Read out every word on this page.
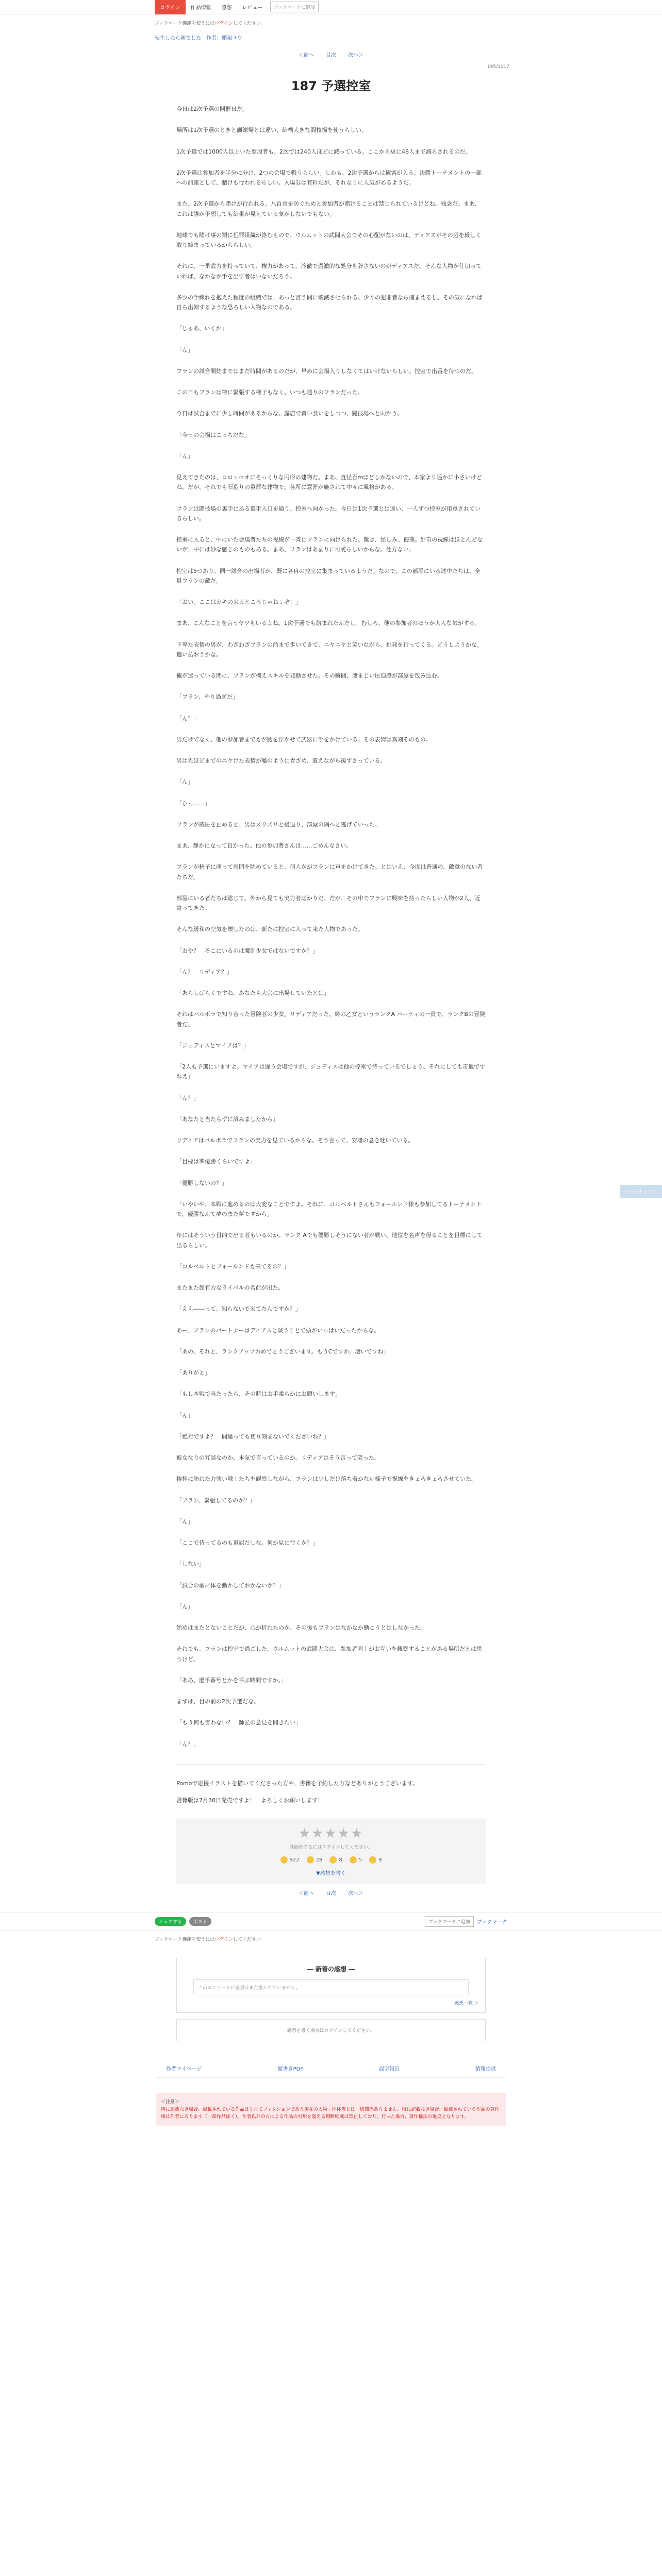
ログイン	作品情報	感想	レビュー	ブックマークに追加
ブックマーク機能を使うにはログインしてください。
転生したら剣でした　作者：棚架ユウ
＜前へ 目次 次へ＞
195/1117
187 予選控室

今日は2次予選の開催日だ。

場所は1次予選のときと訓練場とは違い、結構大きな闘技場を使うらしい。

1次予選では1000人以上いた参加者も、2次では240人ほどに減っている。ここから更に48人まで減らされるのだ。

2次予選は参加者を半分に分け、2つの会場で戦うらしい。しかも、2次予選からは観客が入る。決勝トーナメントの一部への前座として、賭けも行われるらしい。入場券は有料だが、それなりに人気があるようだ。

また、2次予選から賭けが行われる。八百長を防ぐためと参加者が賭けることは禁じられているけどね。残念だ。まあ、これは誰が予想しても結果が見えている気がしないでもない。

地球でも賭け事の類に犯罪組織が絡むもので、ウルムットの武闘大会でその心配がないのは、ディアスがその辺を厳しく取り締まっているかららしい。

それに、一番武力を持っていて、権力があって、冷徹で過激的な処分も辞さないのがディアスだ。そんな人物が仕切っていれば、なかなか手を出す者はいないだろう。

多少の手練れを抱えた程度の組織では、あっと言う間に壊滅させられる。少々の犯罪者なら捕まえるし、その気になれば自ら出陣するような恐ろしい人物なのである。

「じゃあ、いくか」

「ん」

フランの試合開始まではまだ時間があるのだが、早めに会場入りしなくてはいけないらしい。控室で出番を待つのだ。

この日もフランは特に緊張する様子もなく、いつも通りのフランだった。

今日は試合までに少し時間があるからな。露店で買い食いをしつつ、闘技場へと向かう。

「今日の会場はこっちだな」

「ん」

見えてきたのは、コロッセオにそっくりな円形の建物だ。まあ、直径百mほどしかないので、本家より遥かに小さいけどね。だが、それでも石造りの重厚な建物で、各所に意匠が施されて中々に風格がある。

フランは闘技場の裏手にある選手入口を通り、控室へ向かった。今日は1次予選とは違い、一人ずつ控室が用意されているらしい。

控室に入ると、中にいた会場者たちの視線が一斉にフランに向けられた。驚き、怪しみ、侮蔑。好奇の視線はほとんどないが、中には妙な感じのものもある。まあ、フランはあまりに可愛らしいからな。仕方ない。

控室は5つあり、同一試合の出場者が、既に各自の控室に集まっているようだ。なので、この部屋にいる連中たちは、全員フランの敵だ。

「おい、ここはガキの来るところじゃねぇぞ！」

まあ、こんなことを言うヤツもいるよね。1次予選でも絡まれたんだし。むしろ、他の参加者のほうが大人な気がする。

下卑た表情の男が、わざわざフランの前まで歩いてきて、ニヤニヤと笑いながら、挑発を行ってくる。どうしようかな。追い払おうかな。

俺が迷っている間に、フランが構えスキルを発動させた。その瞬間、凄まじい圧迫感が部屋を包み込む。

「フラン、やり過ぎだ」

「ん？」

男だけでなく、他の参加者までもが腰を浮かせて武器に手をかけている。その表情は真剣そのもの。

男は先ほどまでのニヤけた表情が嘘のように青ざめ、震えながら後ずさっている。

「ん」

「ひっ……」

フランが威圧を止めると、男はズリズリと後退り、部屋の隅へと逃げていった。

まあ、静かになって良かった。他の参加者さんは……ごめんなさい。

フランが椅子に座って周囲を眺めていると、何人かがフランに声をかけてきた。とはいえ、今度は普通の、敵意のない者たちだ。

部屋にいる者たちは総じて、外から見ても実力者ばかりだ。だが、その中でフランに興味を持ったらしい人物が2人、近寄ってきた。

そんな緩和の空気を壊したのは、新たに控室に入って来た人物であった。

「おや？　そこにいるのは魔剣少女ではないですか？」

「ん？　リディア？」

「あらしばらくですね。あなたも大会に出場していたとは」

それはパルボラで知り合った冒険者の少女、リディアだった。緋の乙女というランクA パーティの一員で、ランクBの冒険者だ。

「ジュディスとマイアは？」

「2人も予選にいますよ。マイアは違う会場ですが、ジュディスは他の控室で待っているでしょう。それにしても奇遇ですねえ」

「ん？」

「あなたと当たらずに済みましたから」

リディアはパルボラでフランの実力を見ているからな。そう言って、安堵の息を吐いている。

「目標は準優勝くらいですよ」

「優勝しないの？」

「いやいや。本戦に進めるのは大変なことですよ。それに、コルベルトさんもフォールンド様も参加してるトーナメントで、優勝なんて夢のまた夢ですから」

年にはそういう目的で出る者もいるのか。ランク Aでも優勝しそうにない者が戦い、地位を名声を得ることを目標にして出るらしい。

「コルベルトとフォールンドも来てるの？」

またまた超有力なライバルの名前が出た。

「ええ――って、知らないで来てたんですか？」

あー、フランのパートナーはディアスと戦うことで頭がいっぱいだったからな。

「あの、それと、ランクアップおめでとうございます。もうCですか。凄いですね」

「ありがと」

「もし本戦で当たったら、その時はお手柔らかにお願いします」

「ん」

「絶対ですよ？　間違っても切り刻まないでくださいね？」

彼女なりの冗談なのか、本気で言っているのか。リディアはそう言って笑った。

挨拶に訪れた力強い戦士たちを観察しながら、フランは少しだけ落ち着かない様子で視線をきょろきょろさせていた。

「フラン、緊張してるのか？」

「ん」

「ここで待ってるのも退屈だしな。何か見に行くか？」

「しない」

「試合の前に体を動かしておかないか？」

「ん」

始めはまたとないことだが、心が折れたのか、その後もフランはなかなか動こうとはしなかった。

それでも、フランは控室で過ごした。ウルムットの武闘大会は、参加者同士がお互いを観察することがある場所だとは思うけど。

「ああ、選手番号とかを呼ぶ時間ですか。」

まずは、目の前の2次予選だな。

「もう何も言わない？　師匠の意見を聞きたい」

「ん？」

Pomoで応援イラストを描いてくださった方や、書籍を予約した方などありがとうございます。

書籍版は7月30日発売ですよ！　よろしくお願いします！

★★★★★
評価をするにはログインしてください。
922	28	8	5	9
▼感想を書く
＜前へ 目次 次へ＞
シェアする	ポスト	ブックマークに追加	ブックマーク
ブックマーク機能を使うにはログインしてください。
― 新着の感想 ―
このエピソードに感想はまだ書かれていません。
感想一覧 ＞
感想を書く場合はログインしてください。
作者マイページ	縦書きPDF	誤字報告	情報提供
＜注意＞
特に記載なき場合、掲載されている作品はすべてフィクションであり実在の人物・団体等とは一切関係ありません。特に記載なき場合、掲載されている作品の著作権は作者にあります（一部作品除く）。作者以外の方による作品の引用を超える無断転載は禁止しており、行った場合、著作権法の違反となります。
ページトップへ
